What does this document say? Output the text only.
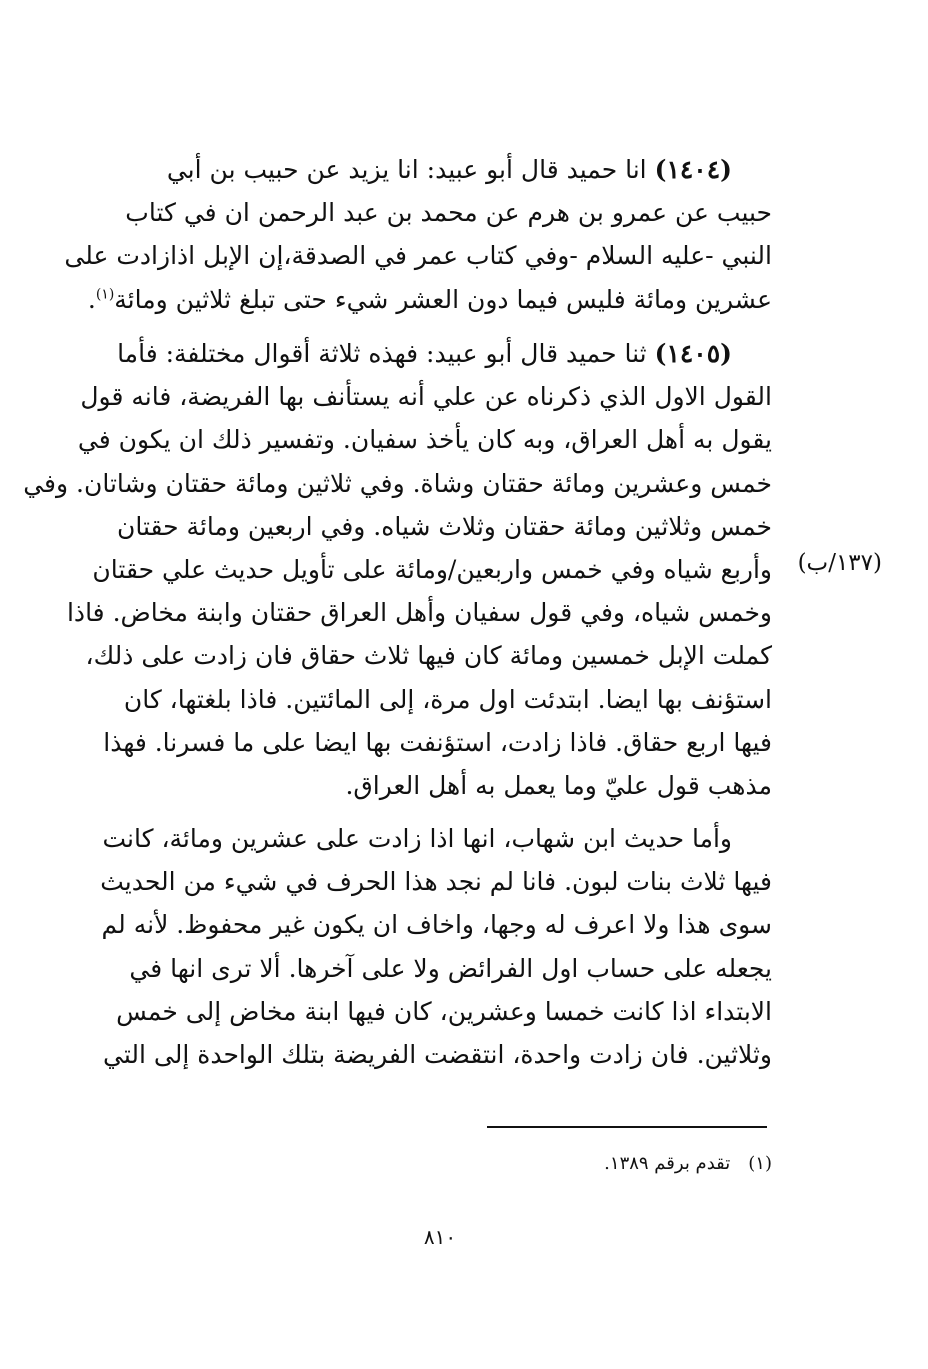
(١٤٠٤) انا حميد قال أبو عبيد: انا يزيد عن حبيب بن أبي
حبيب عن عمرو بن هرم عن محمد بن عبد الرحمن ان في كتاب
النبي -عليه السلام -وفي كتاب عمر في الصدقة،إن الإبل اذازادت على
عشرين ومائة فليس فيما دون العشر شيء حتى تبلغ ثلاثين ومائة$^{(١)}$.
(١٤٠٥) ثنا حميد قال أبو عبيد: فهذه ثلاثة أقوال مختلفة: فأما
القول الاول الذي ذكرناه عن علي أنه يستأنف بها الفريضة، فانه قول
يقول به أهل العراق، وبه كان يأخذ سفيان. وتفسير ذلك ان يكون في
خمس وعشرين ومائة حقتان وشاة. وفي ثلاثين ومائة حقتان وشاتان. وفي
خمس وثلاثين ومائة حقتان وثلاث شياه. وفي اربعين ومائة حقتان
وأربع شياه وفي خمس واربعين/ومائة على تأويل حديث علي حقتان
وخمس شياه، وفي قول سفيان وأهل العراق حقتان وابنة مخاض. فاذا
كملت الإبل خمسين ومائة كان فيها ثلاث حقاق فان زادت على ذلك،
استؤنف بها ايضا. ابتدئت اول مرة، إلى المائتين. فاذا بلغتها، كان
فيها اربع حقاق. فاذا زادت، استؤنفت بها ايضا على ما فسرنا. فهذا
مذهب قول عليّ وما يعمل به أهل العراق.
(١٣٧/ب)
وأما حديث ابن شهاب، انها اذا زادت على عشرين ومائة، كانت
فيها ثلاث بنات لبون. فانا لم نجد هذا الحرف في شيء من الحديث
سوى هذا ولا اعرف له وجها، واخاف ان يكون غير محفوظ. لأنه لم
يجعله على حساب اول الفرائض ولا على آخرها. ألا ترى انها في
الابتداء اذا كانت خمسا وعشرين، كان فيها ابنة مخاض إلى خمس
وثلاثين. فان زادت واحدة، انتقضت الفريضة بتلك الواحدة إلى التي
(١)تقدم برقم ١٣٨٩.
٨١٠
